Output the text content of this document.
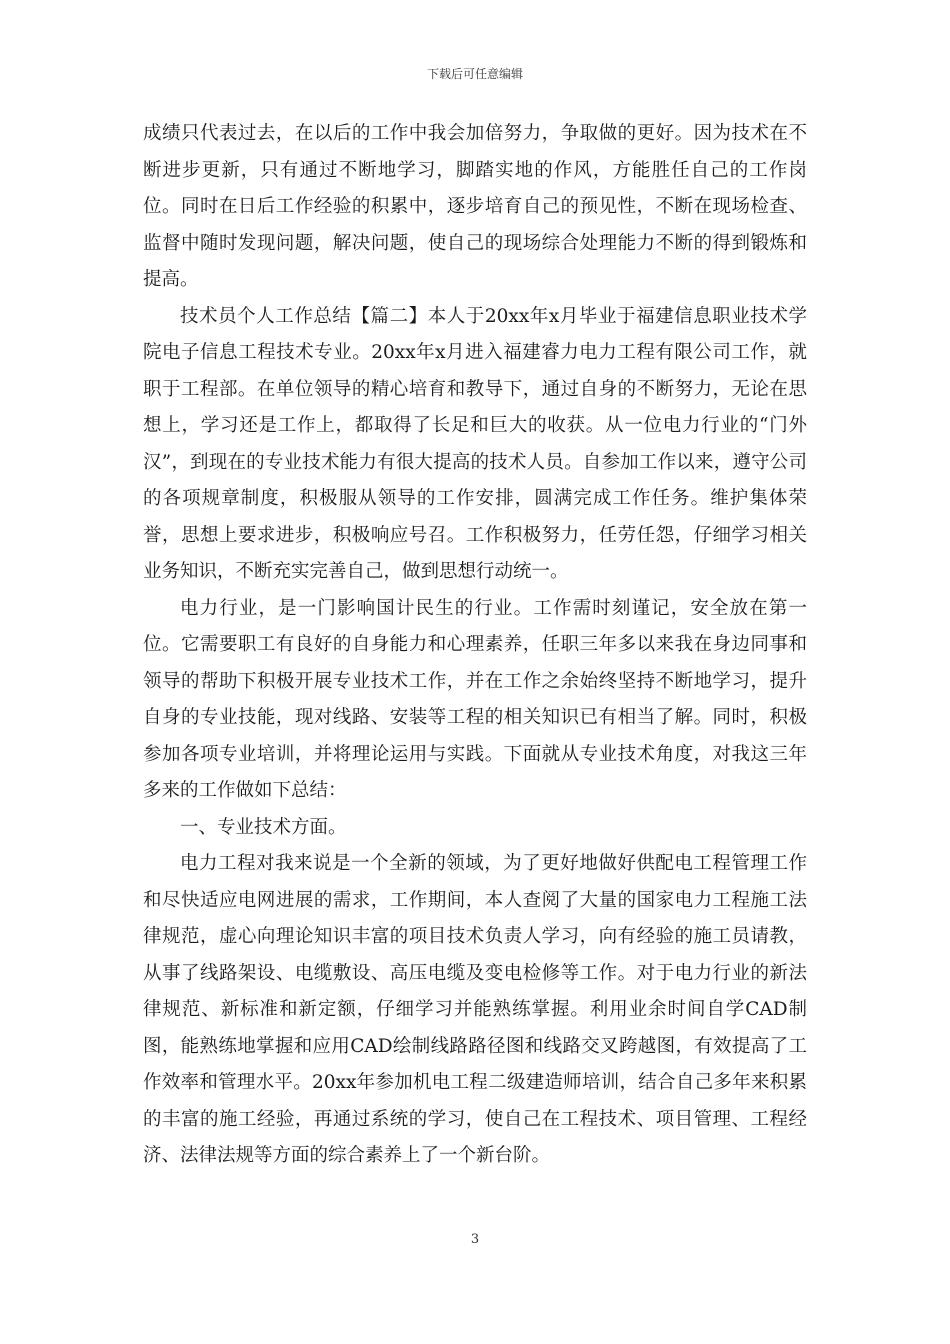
下载后可任意编辑

成绩只代表过去，在以后的工作中我会加倍努力，争取做的更好。因为技术在不断进步更新，只有通过不断地学习，脚踏实地的作风，方能胜任自己的工作岗位。同时在日后工作经验的积累中，逐步培育自己的预见性，不断在现场检查、监督中随时发现问题，解决问题，使自己的现场综合处理能力不断的得到锻炼和提高。

技术员个人工作总结【篇二】本人于20xx年x月毕业于福建信息职业技术学院电子信息工程技术专业。20xx年x月进入福建睿力电力工程有限公司工作，就职于工程部。在单位领导的精心培育和教导下，通过自身的不断努力，无论在思想上，学习还是工作上，都取得了长足和巨大的收获。从一位电力行业的“门外汉”，到现在的专业技术能力有很大提高的技术人员。自参加工作以来，遵守公司的各项规章制度，积极服从领导的工作安排，圆满完成工作任务。维护集体荣誉，思想上要求进步，积极响应号召。工作积极努力，任劳任怨，仔细学习相关业务知识，不断充实完善自己，做到思想行动统一。

电力行业，是一门影响国计民生的行业。工作需时刻谨记，安全放在第一位。它需要职工有良好的自身能力和心理素养，任职三年多以来我在身边同事和领导的帮助下积极开展专业技术工作，并在工作之余始终坚持不断地学习，提升自身的专业技能，现对线路、安装等工程的相关知识已有相当了解。同时，积极参加各项专业培训，并将理论运用与实践。下面就从专业技术角度，对我这三年多来的工作做如下总结：

一、专业技术方面。

电力工程对我来说是一个全新的领域，为了更好地做好供配电工程管理工作和尽快适应电网进展的需求，工作期间，本人查阅了大量的国家电力工程施工法律规范，虚心向理论知识丰富的项目技术负责人学习，向有经验的施工员请教，从事了线路架设、电缆敷设、高压电缆及变电检修等工作。对于电力行业的新法律规范、新标准和新定额，仔细学习并能熟练掌握。利用业余时间自学CAD制图，能熟练地掌握和应用CAD绘制线路路径图和线路交叉跨越图，有效提高了工作效率和管理水平。20xx年参加机电工程二级建造师培训，结合自己多年来积累的丰富的施工经验，再通过系统的学习，使自己在工程技术、项目管理、工程经济、法律法规等方面的综合素养上了一个新台阶。

3
